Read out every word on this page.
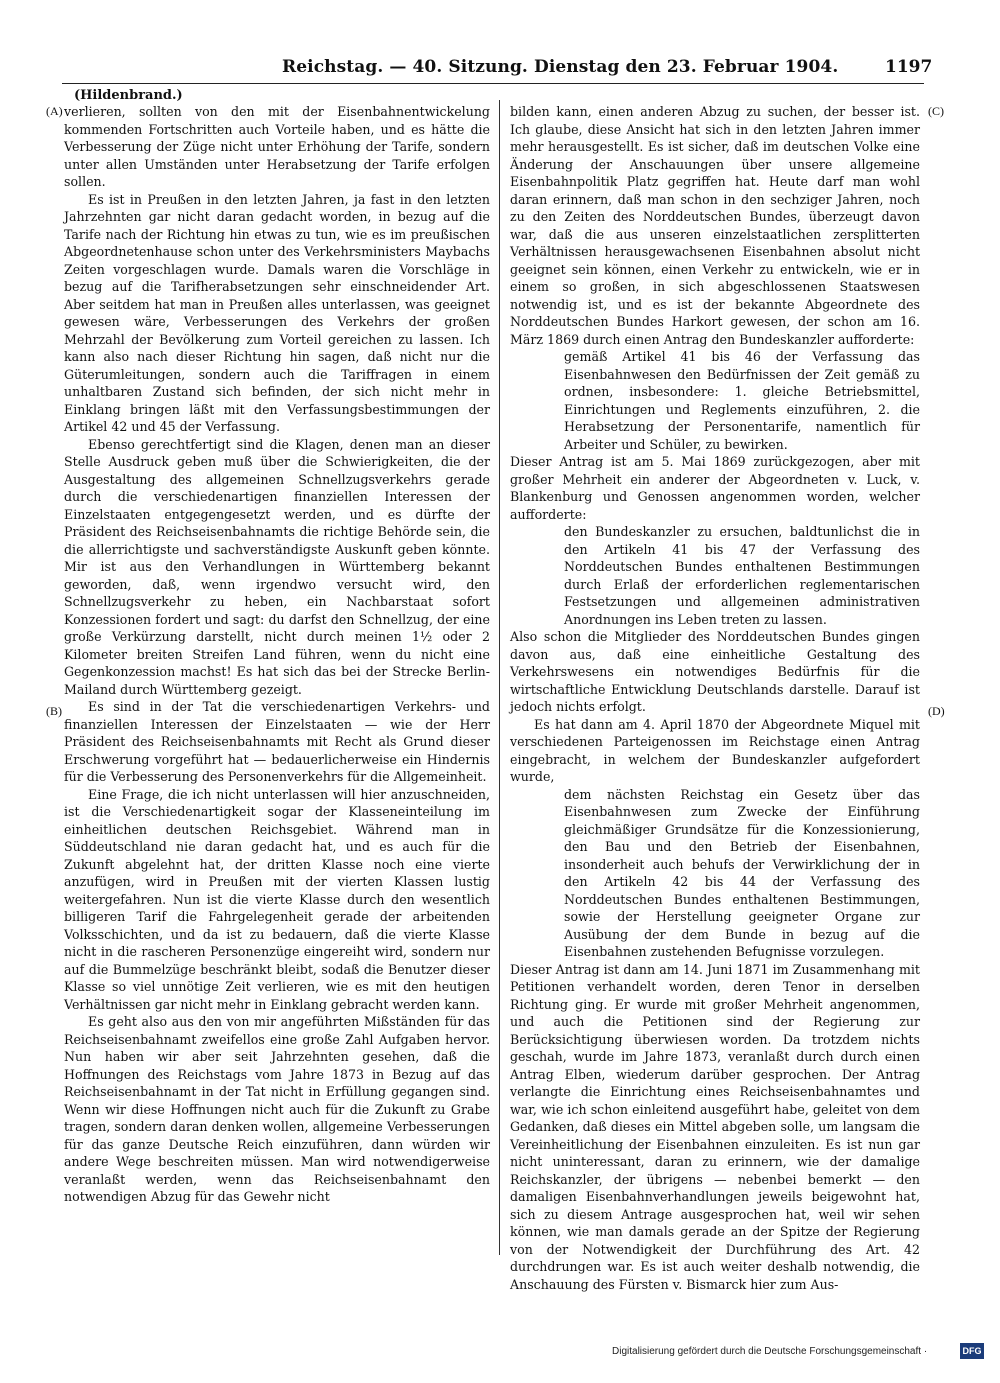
Reichstag. — 40. Sitzung. Dienstag den 23. Februar 1904.	1197
(Hildenbrand.)
(A)
(B)
(C)
(D)

verlieren, sollten von den mit der Eisenbahnentwickelung kommenden Fortschritten auch Vorteile haben, und es hätte die Verbesserung der Züge nicht unter Erhöhung der Tarife, sondern unter allen Umständen unter Herabsetzung der Tarife erfolgen sollen.

Es ist in Preußen in den letzten Jahren, ja fast in den letzten Jahrzehnten gar nicht daran gedacht worden, in bezug auf die Tarife nach der Richtung hin etwas zu tun, wie es im preußischen Abgeordnetenhause schon unter des Verkehrsministers Maybachs Zeiten vorgeschlagen wurde. Damals waren die Vorschläge in bezug auf die Tarifherabsetzungen sehr einschneidender Art. Aber seitdem hat man in Preußen alles unterlassen, was geeignet gewesen wäre, Verbesserungen des Verkehrs der großen Mehrzahl der Bevölkerung zum Vorteil gereichen zu lassen. Ich kann also nach dieser Richtung hin sagen, daß nicht nur die Güterumleitungen, sondern auch die Tariffragen in einem unhaltbaren Zustand sich befinden, der sich nicht mehr in Einklang bringen läßt mit den Verfassungsbestimmungen der Artikel 42 und 45 der Verfassung.

Ebenso gerechtfertigt sind die Klagen, denen man an dieser Stelle Ausdruck geben muß über die Schwierigkeiten, die der Ausgestaltung des allgemeinen Schnellzugsverkehrs gerade durch die verschiedenartigen finanziellen Interessen der Einzelstaaten entgegengesetzt werden, und es dürfte der Präsident des Reichseisenbahnamts die richtige Behörde sein, die die allerrichtigste und sachverständigste Auskunft geben könnte. Mir ist aus den Verhandlungen in Württemberg bekannt geworden, daß, wenn irgendwo versucht wird, den Schnellzugsverkehr zu heben, ein Nachbarstaat sofort Konzessionen fordert und sagt: du darfst den Schnellzug, der eine große Verkürzung darstellt, nicht durch meinen 1½ oder 2 Kilometer breiten Streifen Land führen, wenn du nicht eine Gegenkonzession machst! Es hat sich das bei der Strecke Berlin-Mailand durch Württemberg gezeigt.

Es sind in der Tat die verschiedenartigen Verkehrs- und finanziellen Interessen der Einzelstaaten — wie der Herr Präsident des Reichseisenbahnamts mit Recht als Grund dieser Erschwerung vorgeführt hat — bedauerlicherweise ein Hindernis für die Verbesserung des Personenverkehrs für die Allgemeinheit.

Eine Frage, die ich nicht unterlassen will hier anzuschneiden, ist die Verschiedenartigkeit sogar der Klasseneinteilung im einheitlichen deutschen Reichsgebiet. Während man in Süddeutschland nie daran gedacht hat, und es auch für die Zukunft abgelehnt hat, der dritten Klasse noch eine vierte anzufügen, wird in Preußen mit der vierten Klassen lustig weitergefahren. Nun ist die vierte Klasse durch den wesentlich billigeren Tarif die Fahrgelegenheit gerade der arbeitenden Volksschichten, und da ist zu bedauern, daß die vierte Klasse nicht in die rascheren Personenzüge eingereiht wird, sondern nur auf die Bummelzüge beschränkt bleibt, sodaß die Benutzer dieser Klasse so viel unnötige Zeit verlieren, wie es mit den heutigen Verhältnissen gar nicht mehr in Einklang gebracht werden kann.

Es geht also aus den von mir angeführten Mißständen für das Reichseisenbahnamt zweifellos eine große Zahl Aufgaben hervor. Nun haben wir aber seit Jahrzehnten gesehen, daß die Hoffnungen des Reichstags vom Jahre 1873 in Bezug auf das Reichseisenbahnamt in der Tat nicht in Erfüllung gegangen sind. Wenn wir diese Hoffnungen nicht auch für die Zukunft zu Grabe tragen, sondern daran denken wollen, allgemeine Verbesserungen für das ganze Deutsche Reich einzuführen, dann würden wir andere Wege beschreiten müssen. Man wird notwendigerweise veranlaßt werden, wenn das Reichseisenbahnamt den notwendigen Abzug für das Gewehr nicht

bilden kann, einen anderen Abzug zu suchen, der besser ist. Ich glaube, diese Ansicht hat sich in den letzten Jahren immer mehr herausgestellt. Es ist sicher, daß im deutschen Volke eine Änderung der Anschauungen über unsere allgemeine Eisenbahnpolitik Platz gegriffen hat. Heute darf man wohl daran erinnern, daß man schon in den sechziger Jahren, noch zu den Zeiten des Norddeutschen Bundes, überzeugt davon war, daß die aus unseren einzelstaatlichen zersplitterten Verhältnissen herausgewachsenen Eisenbahnen absolut nicht geeignet sein können, einen Verkehr zu entwickeln, wie er in einem so großen, in sich abgeschlossenen Staatswesen notwendig ist, und es ist der bekannte Abgeordnete des Norddeutschen Bundes Harkort gewesen, der schon am 16. März 1869 durch einen Antrag den Bundeskanzler aufforderte:

gemäß Artikel 41 bis 46 der Verfassung das Eisenbahnwesen den Bedürfnissen der Zeit gemäß zu ordnen, insbesondere: 1. gleiche Betriebsmittel, Einrichtungen und Reglements einzuführen, 2. die Herabsetzung der Personentarife, namentlich für Arbeiter und Schüler, zu bewirken.

Dieser Antrag ist am 5. Mai 1869 zurückgezogen, aber mit großer Mehrheit ein anderer der Abgeordneten v. Luck, v. Blankenburg und Genossen angenommen worden, welcher aufforderte:

den Bundeskanzler zu ersuchen, baldtunlichst die in den Artikeln 41 bis 47 der Verfassung des Norddeutschen Bundes enthaltenen Bestimmungen durch Erlaß der erforderlichen reglementarischen Festsetzungen und allgemeinen administrativen Anordnungen ins Leben treten zu lassen.

Also schon die Mitglieder des Norddeutschen Bundes gingen davon aus, daß eine einheitliche Gestaltung des Verkehrswesens ein notwendiges Bedürfnis für die wirtschaftliche Entwicklung Deutschlands darstelle. Darauf ist jedoch nichts erfolgt.

Es hat dann am 4. April 1870 der Abgeordnete Miquel mit verschiedenen Parteigenossen im Reichstage einen Antrag eingebracht, in welchem der Bundeskanzler aufgefordert wurde,

dem nächsten Reichstag ein Gesetz über das Eisenbahnwesen zum Zwecke der Einführung gleichmäßiger Grundsätze für die Konzessionierung, den Bau und den Betrieb der Eisenbahnen, insonderheit auch behufs der Verwirklichung der in den Artikeln 42 bis 44 der Verfassung des Norddeutschen Bundes enthaltenen Bestimmungen, sowie der Herstellung geeigneter Organe zur Ausübung der dem Bunde in bezug auf die Eisenbahnen zustehenden Befugnisse vorzulegen.

Dieser Antrag ist dann am 14. Juni 1871 im Zusammenhang mit Petitionen verhandelt worden, deren Tenor in derselben Richtung ging. Er wurde mit großer Mehrheit angenommen, und auch die Petitionen sind der Regierung zur Berücksichtigung überwiesen worden. Da trotzdem nichts geschah, wurde im Jahre 1873, veranlaßt durch durch einen Antrag Elben, wiederum darüber gesprochen. Der Antrag verlangte die Einrichtung eines Reichseisenbahnamtes und war, wie ich schon einleitend ausgeführt habe, geleitet von dem Gedanken, daß dieses ein Mittel abgeben solle, um langsam die Vereinheitlichung der Eisenbahnen einzuleiten. Es ist nun gar nicht uninteressant, daran zu erinnern, wie der damalige Reichskanzler, der übrigens — nebenbei bemerkt — den damaligen Eisenbahnverhandlungen jeweils beigewohnt hat, sich zu diesem Antrage ausgesprochen hat, weil wir sehen können, wie man damals gerade an der Spitze der Regierung von der Notwendigkeit der Durchführung des Art. 42 durchdrungen war. Es ist auch weiter deshalb notwendig, die Anschauung des Fürsten v. Bismarck hier zum Aus-

Digitalisierung gefördert durch die Deutsche Forschungsgemeinschaft ·	DFG
